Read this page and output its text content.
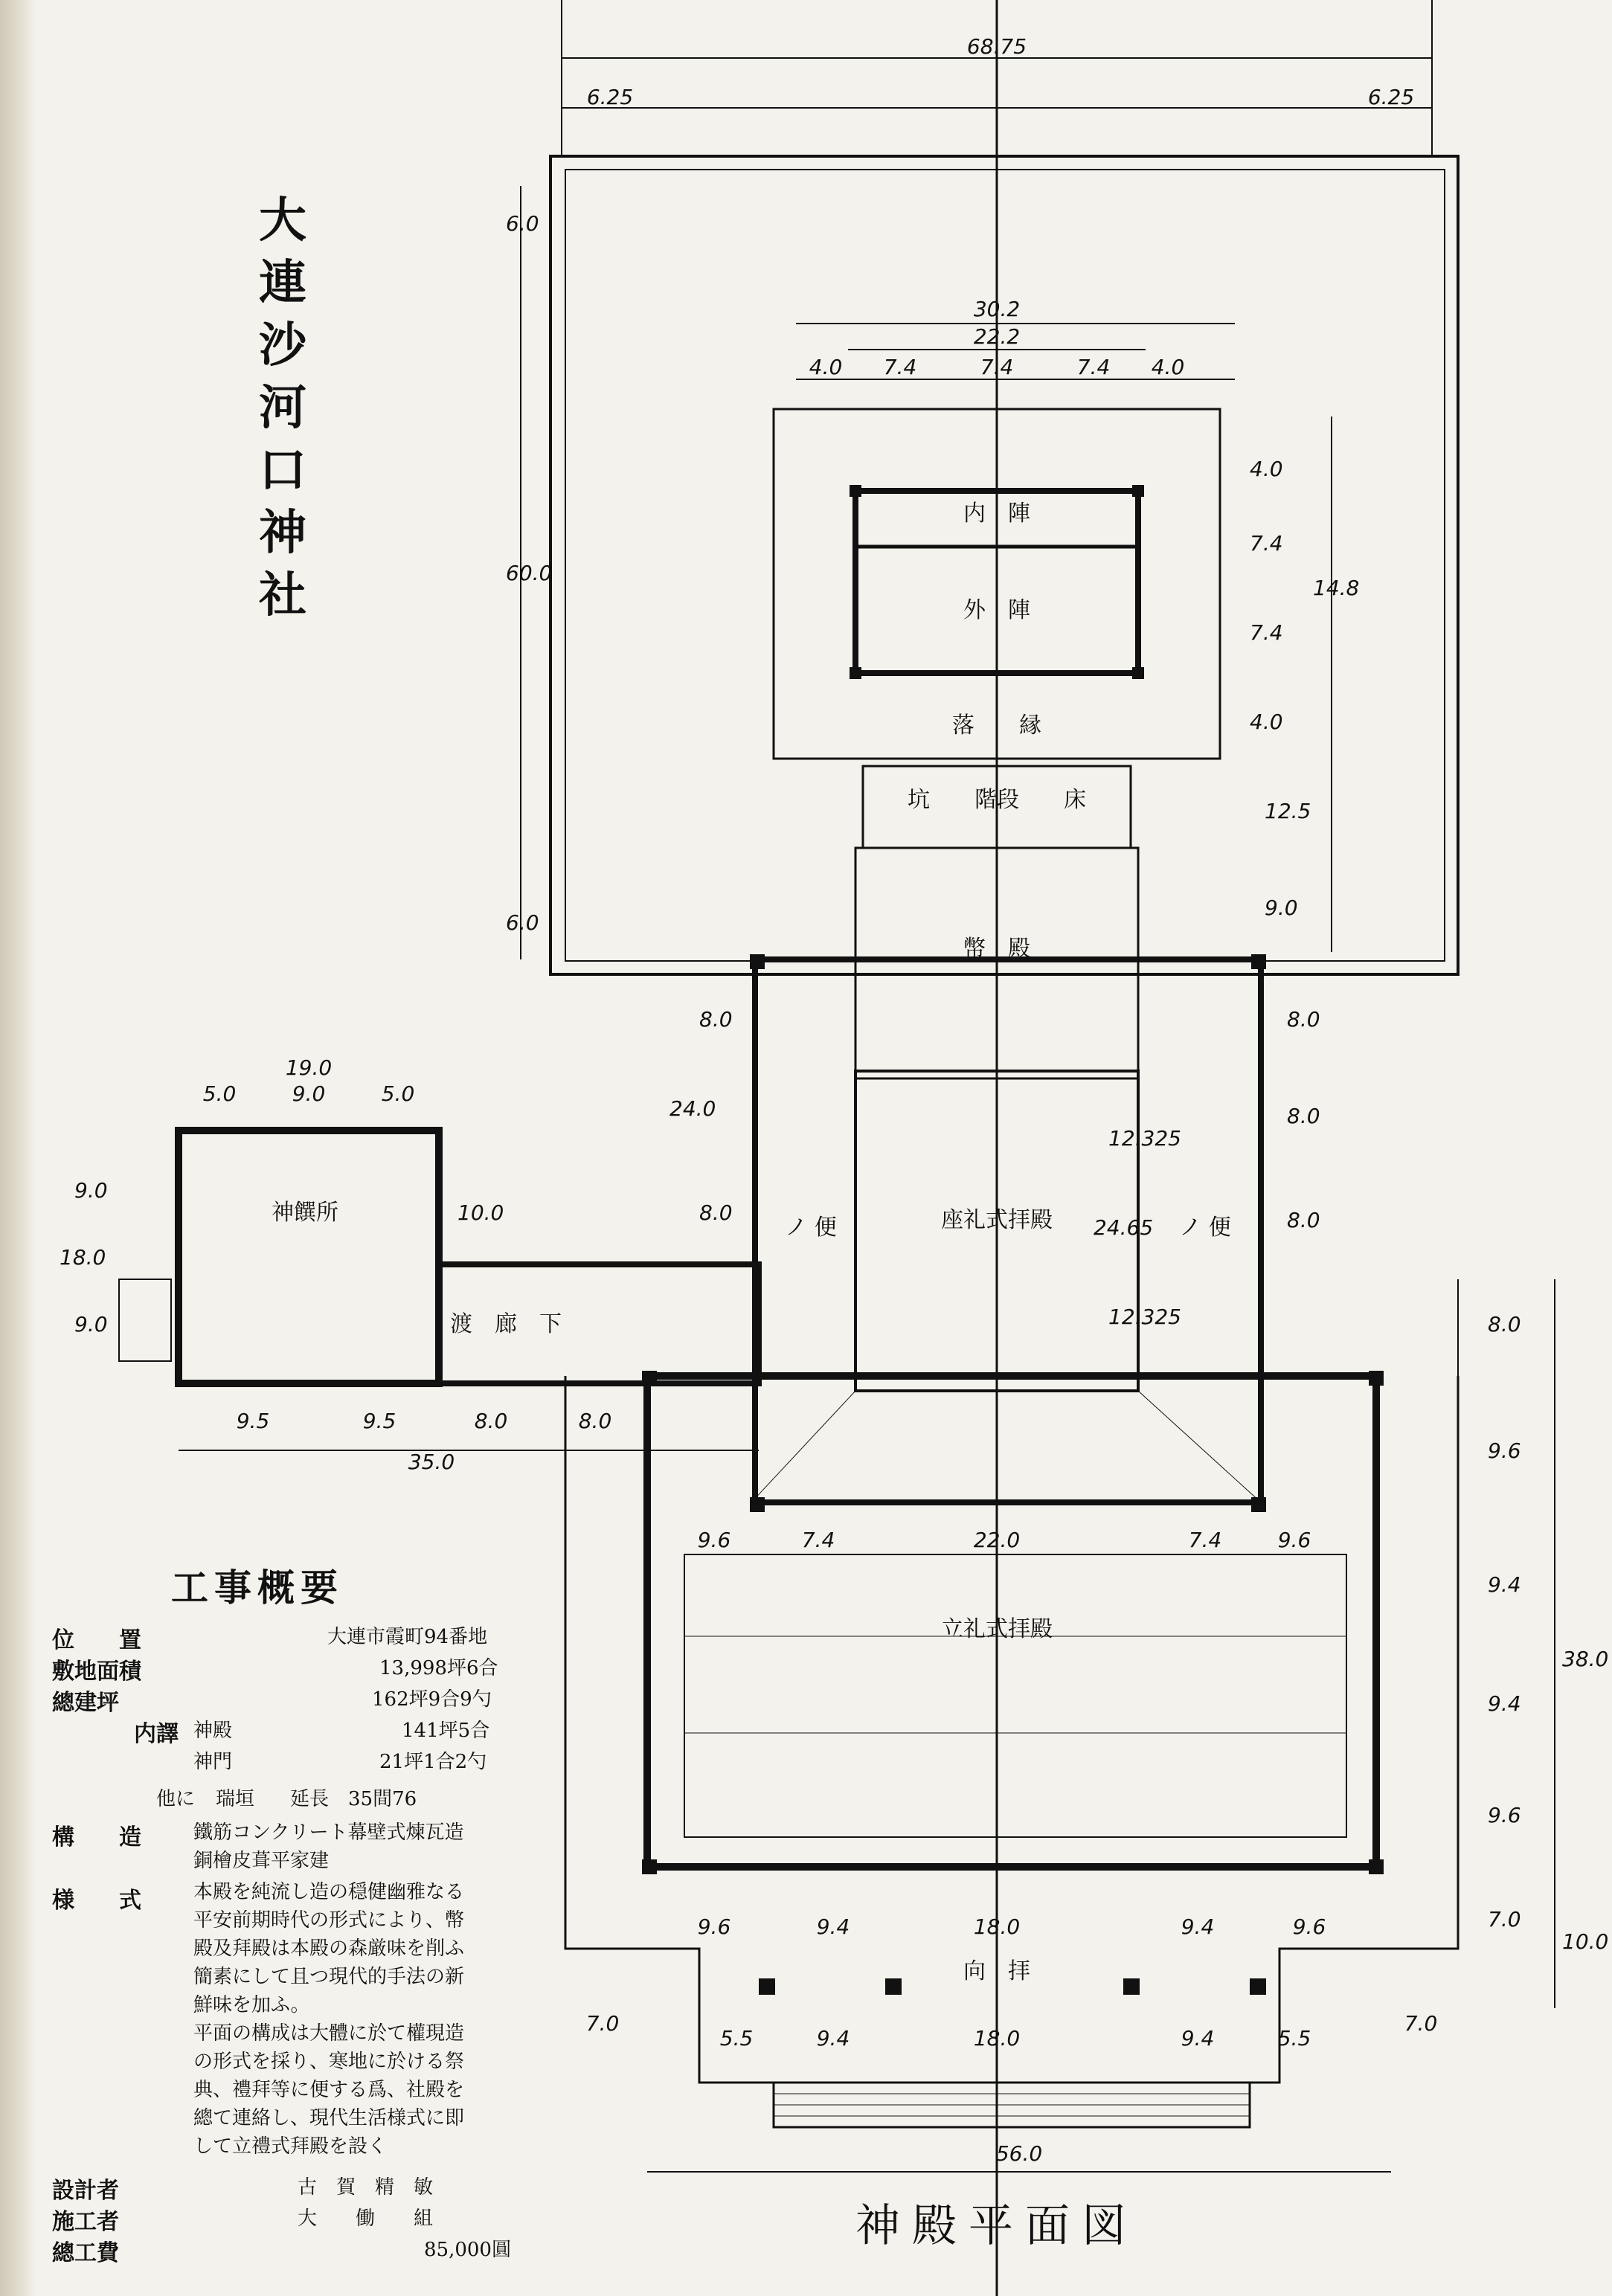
大
連
沙
河
口
神
社
内　陣
外　陣
落　　縁
坑　　階段　　床
幣　殿
座礼式拝殿
立礼式拝殿
向　拝
神饌所
渡　廊　下
ノ 便	ノ 便
68.75
6.25	6.25
6.0
60.0
6.0
30.2
22.2
4.0 7.4	7.4	7.4 4.0
4.0
7.4
7.4
4.0
14.8
12.5
9.0
8.0
24.0
8.0
8.0
8.0
8.0
12.325
24.65
12.325
19.0
5.0	9.0	5.0
9.0
18.0
9.0
10.0
9.5	9.5	8.0	8.0
35.0
9.6	7.4	22.0	7.4	9.6
8.0
9.6
9.4
9.4
9.6
7.0
38.0
10.0
9.6	9.4	18.0	9.4	9.6
7.0
5.5	9.4	18.0	9.4	5.5
7.0
56.0
工事概要
位　　置	大連市霞町94番地
敷地面積	13,998坪6合
總建坪	162坪9合9勺
内譯 神殿	141坪5合
神門	21坪1合2勺
他に 瑞垣 延長　35間76
構　　造	鐵筋コンクリート幕壁式煉瓦造
銅檜皮葺平家建
様　　式	本殿を純流し造の穏健幽雅なる
平安前期時代の形式により、幣
殿及拜殿は本殿の森厳味を削ふ
簡素にして且つ現代的手法の新
鮮味を加ふ。
平面の構成は大體に於て權現造
の形式を採り、寒地に於ける祭
典、禮拜等に便する爲、社殿を
總て連絡し、現代生活様式に即
して立禮式拜殿を設く
設計者	古　賀　精　敏
施工者	大　　働　　組
總工費	85,000圓	神殿平面図
